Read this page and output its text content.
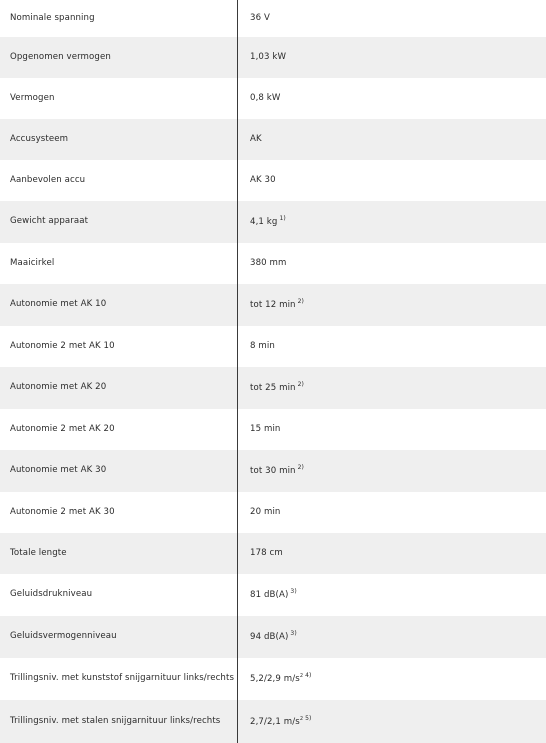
Nominale spanning	36 V
Opgenomen vermogen	1,03 kW
Vermogen	0,8 kW
Accusysteem	AK
Aanbevolen accu	AK 30
Gewicht apparaat	4,1 kg $^{1)}$
Maaicirkel	380 mm
Autonomie met AK 10	tot 12 min $^{2)}$
Autonomie 2 met AK 10	8 min
Autonomie met AK 20	tot 25 min $^{2)}$
Autonomie 2 met AK 20	15 min
Autonomie met AK 30	tot 30 min $^{2)}$
Autonomie 2 met AK 30	20 min
Totale lengte	178 cm
Geluidsdrukniveau	81 dB(A) $^{3)}$
Geluidsvermogenniveau	94 dB(A) $^{3)}$
Trillingsniv. met kunststof snijgarnituur links/rechts	5,2/2,9 $m/s^2$ $^{4)}$
Trillingsniv. met stalen snijgarnituur links/rechts	2,7/2,1 $m/s^2$ $^{5)}$
